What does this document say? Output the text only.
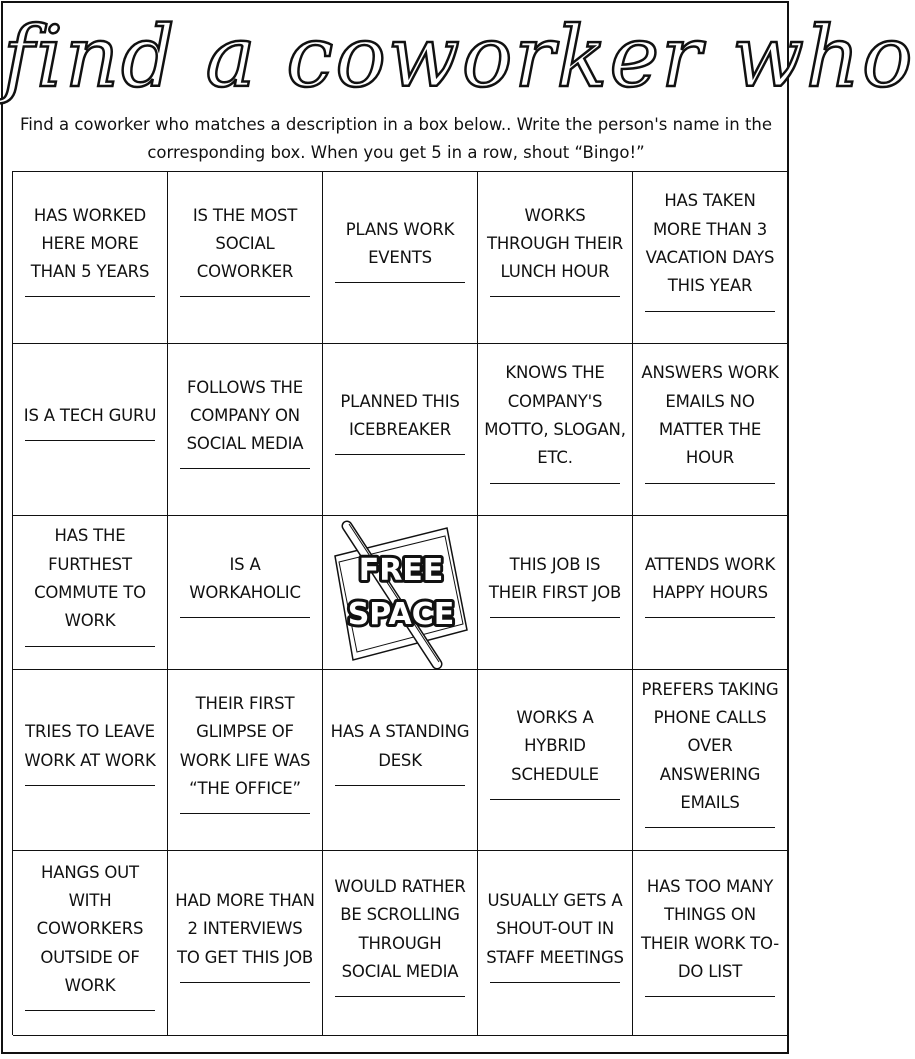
find a coworker who
Find a coworker who matches a description in a box below.. Write the person's name in the corresponding box. When you get 5 in a row, shout “Bingo!”
HAS WORKED HERE MORE THAN 5 YEARS
IS THE MOST SOCIAL COWORKER
PLANS WORK EVENTS
WORKS THROUGH THEIR LUNCH HOUR
HAS TAKEN MORE THAN 3 VACATION DAYS THIS YEAR
IS A TECH GURU
FOLLOWS THE COMPANY ON SOCIAL MEDIA
PLANNED THIS ICEBREAKER
KNOWS THE COMPANY'S MOTTO, SLOGAN, ETC.
ANSWERS WORK EMAILS NO MATTER THE HOUR
HAS THE FURTHEST COMMUTE TO WORK
IS A WORKAHOLIC
FREE
SPACE
THIS JOB IS THEIR FIRST JOB
ATTENDS WORK HAPPY HOURS
TRIES TO LEAVE WORK AT WORK
THEIR FIRST GLIMPSE OF WORK LIFE WAS “THE OFFICE”
HAS A STANDING DESK
WORKS A HYBRID SCHEDULE
PREFERS TAKING PHONE CALLS OVER ANSWERING EMAILS
HANGS OUT WITH COWORKERS OUTSIDE OF WORK
HAD MORE THAN 2 INTERVIEWS TO GET THIS JOB
WOULD RATHER BE SCROLLING THROUGH SOCIAL MEDIA
USUALLY GETS A SHOUT-OUT IN STAFF MEETINGS
HAS TOO MANY THINGS ON THEIR WORK TO-DO LIST
